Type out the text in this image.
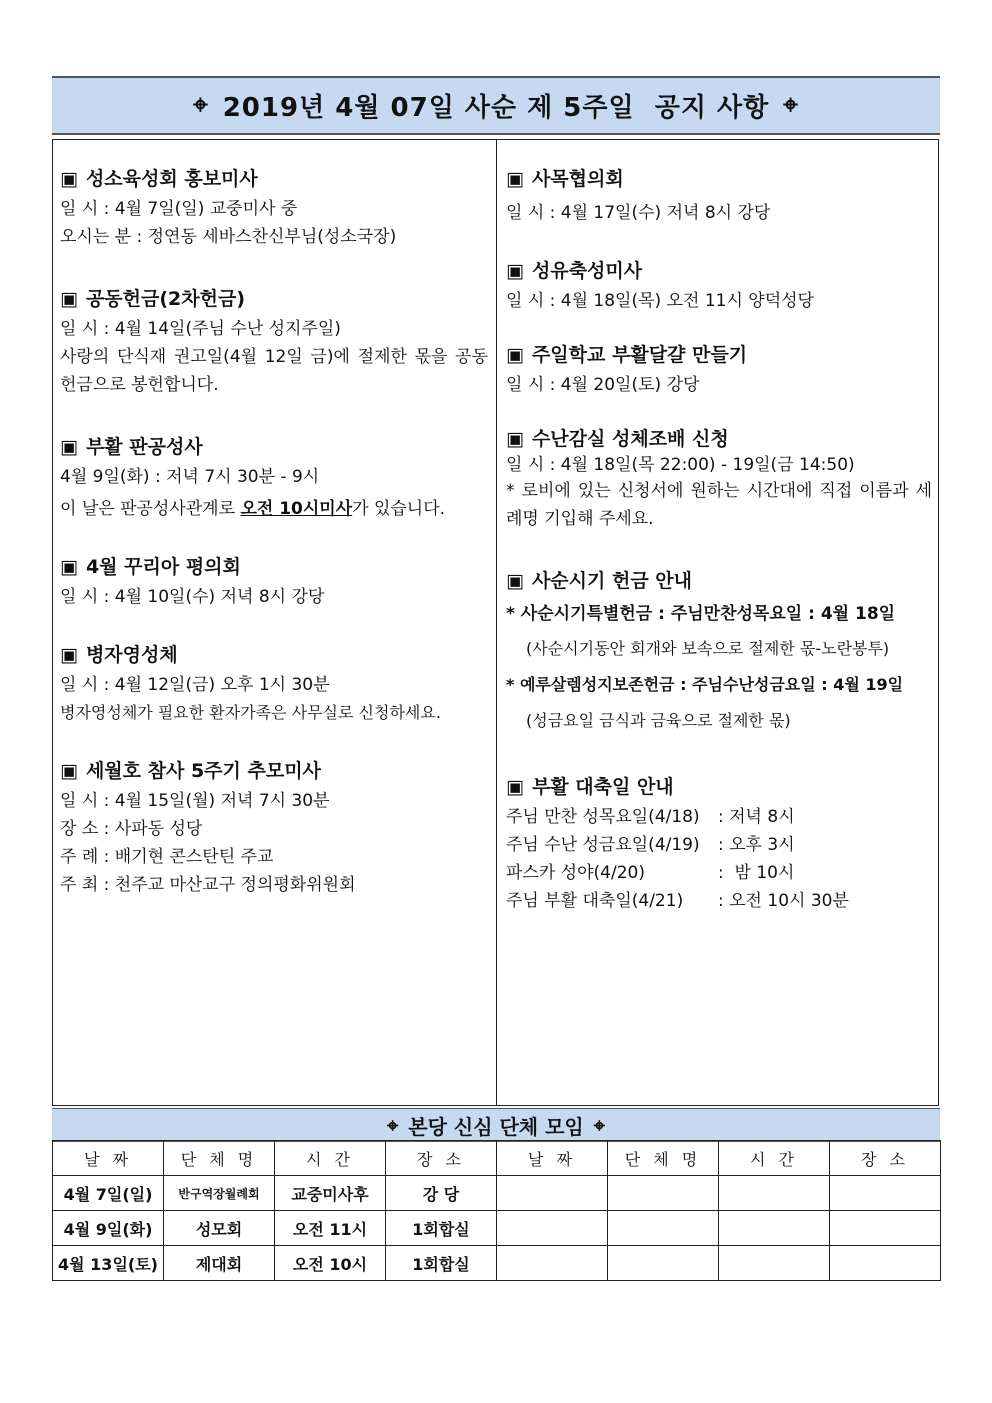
⌖ 2019년 4월 07일 사순 제 5주일  공지 사항 ⌖
▣ 성소육성회 홍보미사
일 시 : 4월 7일(일) 교중미사 중
오시는 분 : 정연동 세바스찬신부님(성소국장)
▣ 공동헌금(2차헌금)
일 시 : 4월 14일(주님 수난 성지주일)
사랑의 단식재 권고일(4월 12일 금)에 절제한 몫을 공동헌금으로 봉헌합니다.
▣ 부활 판공성사
4월 9일(화) : 저녁 7시 30분 - 9시
이 날은 판공성사관계로 오전 10시미사가 있습니다.
▣ 4월 꾸리아 평의회
일 시 : 4월 10일(수) 저녁 8시 강당
▣ 병자영성체
일 시 : 4월 12일(금) 오후 1시 30분
병자영성체가 필요한 환자가족은 사무실로 신청하세요.
▣ 세월호 참사 5주기 추모미사
일 시 : 4월 15일(월) 저녁 7시 30분
장 소 : 사파동 성당
주 례 : 배기현 콘스탄틴 주교
주 최 : 천주교 마산교구 정의평화위원회
▣ 사목협의회
일 시 : 4월 17일(수) 저녁 8시 강당
▣ 성유축성미사
일 시 : 4월 18일(목) 오전 11시 양덕성당
▣ 주일학교 부활달걀 만들기
일 시 : 4월 20일(토) 강당
▣ 수난감실 성체조배 신청
일 시 : 4월 18일(목 22:00) - 19일(금 14:50)
* 로비에 있는 신청서에 원하는 시간대에 직접 이름과 세례명 기입해 주세요.
▣ 사순시기 헌금 안내
* 사순시기특별헌금 : 주님만찬성목요일 : 4월 18일
(사순시기동안 회개와 보속으로 절제한 몫-노란봉투)
* 예루살렘성지보존헌금 : 주님수난성금요일 : 4월 19일
(성금요일 금식과 금육으로 절제한 몫)
▣ 부활 대축일 안내
주님 만찬 성목요일(4/18) : 저녁 8시
주님 수난 성금요일(4/19) : 오후 3시
파스카 성야(4/20)	:  밤 10시
주님 부활 대축일(4/21) : 오전 10시 30분
⌖ 본당 신심 단체 모임 ⌖
날 짜	단 체 명	시 간	장 소	날 짜	단 체 명	시 간	장 소
4월 7일(일)	반구역장월례회	교중미사후	강 당				
4월 9일(화)	성모회	오전 11시	1회합실				
4월 13일(토)	제대회	오전 10시	1회합실				
